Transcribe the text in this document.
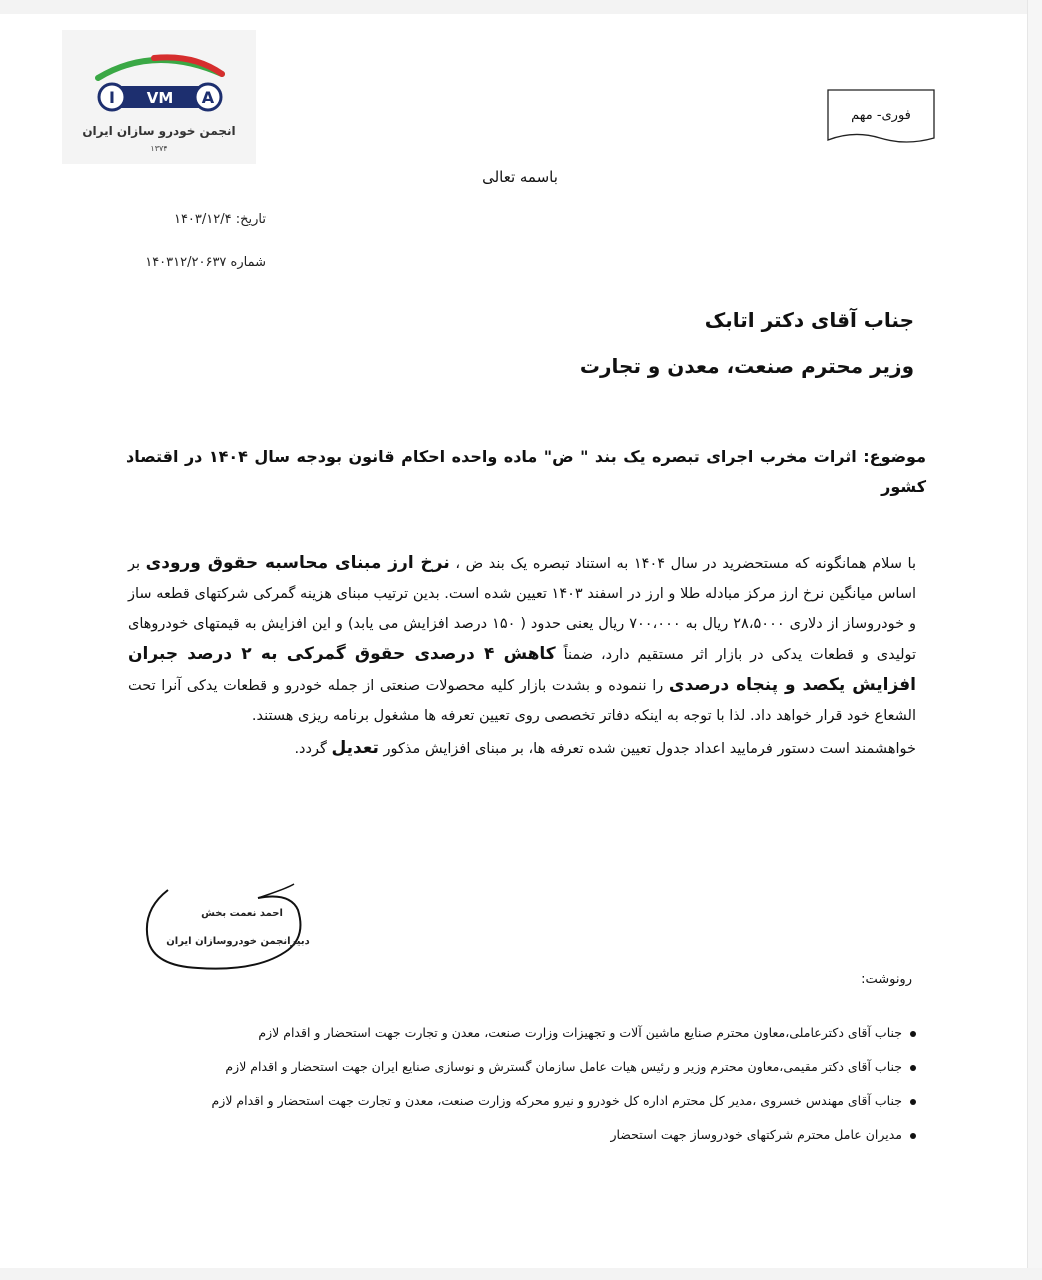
I VM A
انجمن خودرو سازان ایران
۱۳۷۴
فوری- مهم
باسمه تعالی
تاریخ: ۱۴۰۳/۱۲/۴
شماره ۱۴۰۳۱۲/۲۰۶۳۷
جناب آقای دکتر اتابک
وزیر محترم صنعت، معدن و تجارت
موضوع: اثرات مخرب اجرای تبصره یک بند " ض" ماده واحده احکام قانون بودجه سال ۱۴۰۴ در اقتصاد کشور

با سلام همانگونه که مستحضرید در سال ۱۴۰۴ به استناد تبصره یک بند ض ، نرخ ارز مبنای محاسبه حقوق ورودی بر اساس میانگین نرخ ارز مرکز مبادله طلا و ارز در اسفند ۱۴۰۳ تعیین شده است. بدین ترتیب مبنای هزینه گمرکی شرکتهای قطعه ساز و خودروساز از دلاری ۲۸،۵۰۰۰ ریال به ۷۰۰،۰۰۰ ریال یعنی حدود ( ۱۵۰ درصد افزایش می یابد) و این افزایش به قیمتهای خودروهای تولیدی و قطعات یدکی در بازار اثر مستقیم دارد، ضمناً کاهش ۴ درصدی حقوق گمرکی به ۲ درصد جبران افزایش یکصد و پنجاه درصدی را ننموده و بشدت بازار کلیه محصولات صنعتی از جمله خودرو و قطعات یدکی آنرا تحت الشعاع خود قرار خواهد داد. لذا با توجه به اینکه دفاتر تخصصی روی تعیین تعرفه ها مشغول برنامه ریزی هستند.

خواهشمند است دستور فرمایید اعداد جدول تعیین شده تعرفه ها، بر مبنای افزایش مذکور تعدیل گردد.

احمد نعمت بخش
دبیرانجمن خودروسازان ایران
رونوشت:
جناب آقای دکترعاملی،معاون محترم صنایع ماشین آلات و تجهیزات وزارت صنعت، معدن و تجارت جهت استحضار و اقدام لازم
جناب آقای دکتر مقیمی،معاون محترم وزیر و رئیس هیات عامل سازمان گسترش و نوسازی صنایع ایران جهت استحضار و اقدام لازم
جناب آقای مهندس خسروی ،مدیر کل محترم اداره کل خودرو و نیرو محرکه وزارت صنعت، معدن و تجارت جهت استحضار و اقدام لازم
مدیران عامل محترم شرکتهای خودروساز جهت استحضار
